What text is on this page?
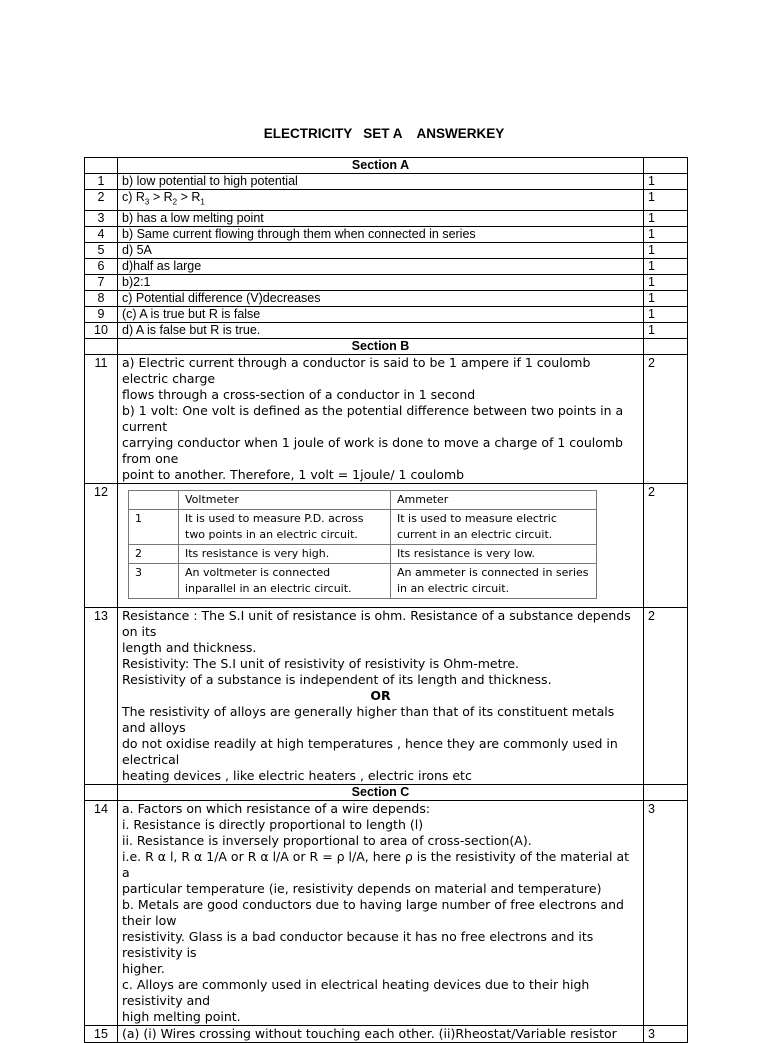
ELECTRICITY   SET A    ANSWERKEY
	Section A	
1	b) low potential to high potential	1
2	c) $R_3 > R_2 > R_1$	1
3	b) has a low melting point	1
4	b) Same current flowing through them when connected in series	1
5	d) 5A	1
6	d)half as large	1
7	b)2:1	1
8	c) Potential difference (V)decreases	1
9	(c) A is true but R is false	1
10	d) A is false but R is true.	1
	Section B	
11	a) Electric current through a conductor is said to be 1 ampere if 1 coulomb electric charge
flows through a cross-section of a conductor in 1 second
b) 1 volt: One volt is defined as the potential difference between two points in a current
carrying conductor when 1 joule of work is done to move a charge of 1 coulomb from one
point to another. Therefore, 1 volt = 1joule/ 1 coulomb
	2
12	
	Voltmeter	Ammeter
1	It is used to measure P.D. across two points in an electric circuit.	It is used to measure electric current in an electric circuit.
2	Its resistance is very high.	Its resistance is very low.
3	An voltmeter is connected inparallel in an electric circuit.	An ammeter is connected in series in an electric circuit.
	2
13	Resistance : The S.I unit of resistance is ohm. Resistance of a substance depends on its
length and thickness.
Resistivity: The S.I unit of resistivity of resistivity is Ohm-metre.
Resistivity of a substance is independent of its length and thickness.
OR
The resistivity of alloys are generally higher than that of its constituent metals and alloys
do not oxidise readily at high temperatures , hence they are commonly used in electrical
heating devices , like electric heaters , electric irons etc
	2
	Section C	
14	a. Factors on which resistance of a wire depends:
i. Resistance is directly proportional to length (l)
ii. Resistance is inversely proportional to area of cross-section(A).
i.e. R α l, R α 1/A or R α l/A or R = ρ l/A, here ρ is the resistivity of the material at a
particular temperature (ie, resistivity depends on material and temperature)
b. Metals are good conductors due to having large number of free electrons and their low
resistivity. Glass is a bad conductor because it has no free electrons and its resistivity is
higher.
c. Alloys are commonly used in electrical heating devices due to their high resistivity and
high melting point.
	3
15	(a) (i) Wires crossing without touching each other. (ii)Rheostat/Variable resistor	3
